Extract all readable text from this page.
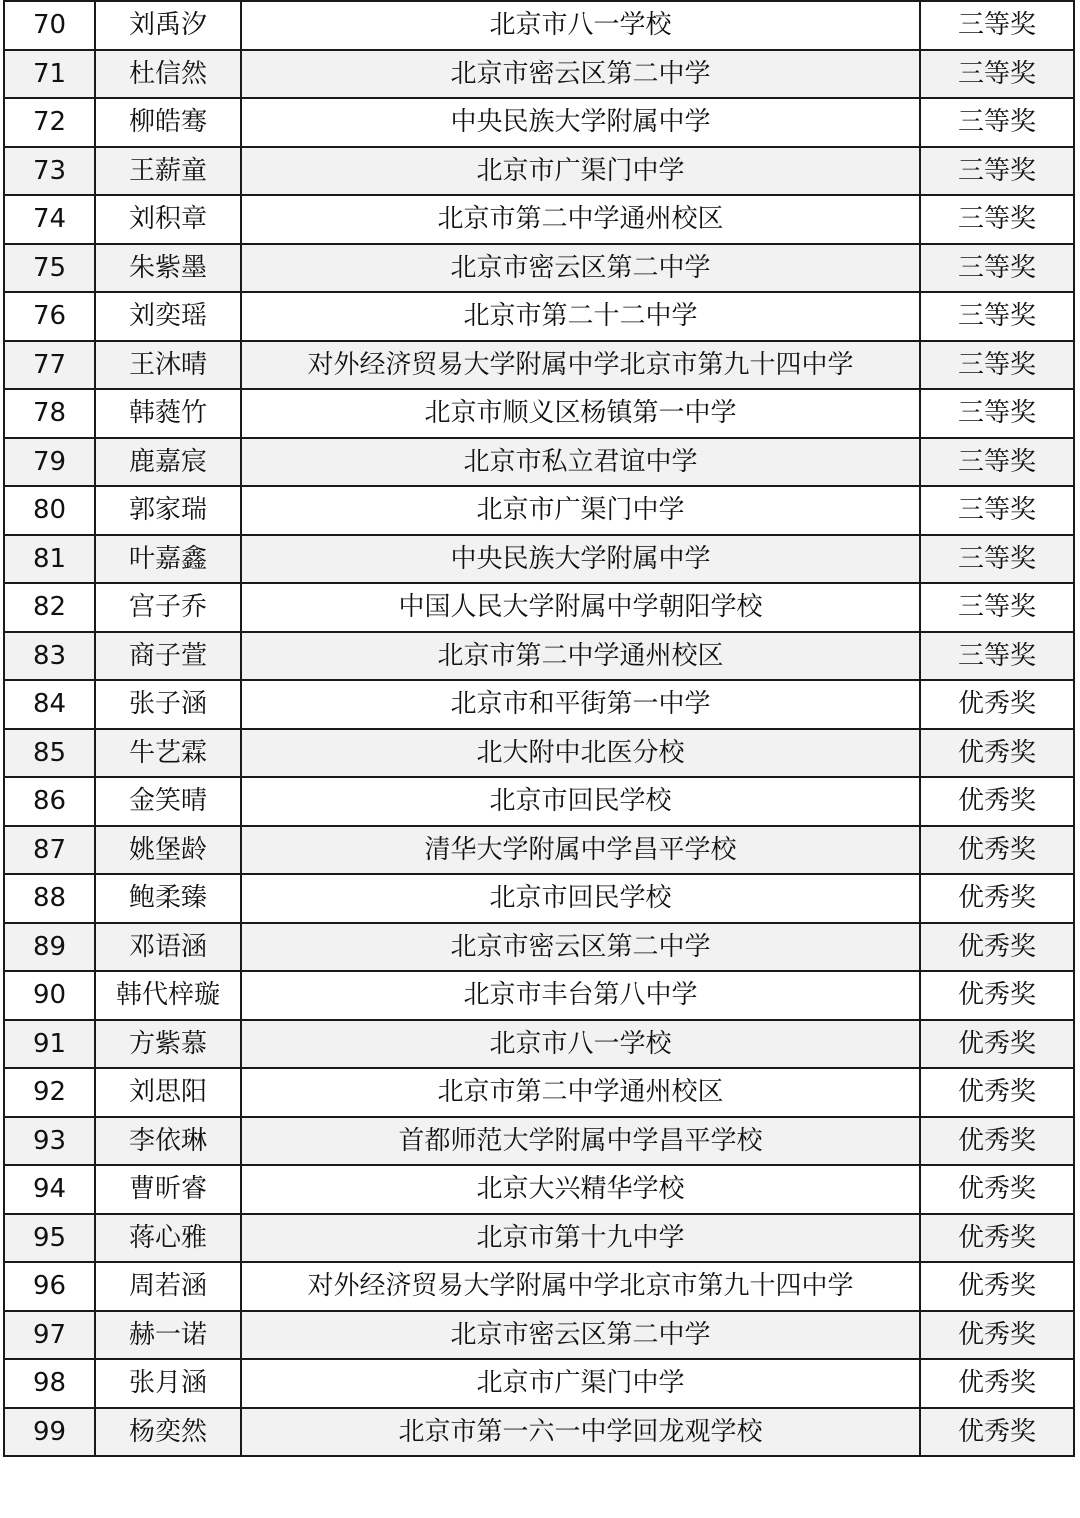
70	刘禹汐	北京市八一学校	三等奖
71	杜信然	北京市密云区第二中学	三等奖
72	柳皓骞	中央民族大学附属中学	三等奖
73	王薪童	北京市广渠门中学	三等奖
74	刘积章	北京市第二中学通州校区	三等奖
75	朱紫墨	北京市密云区第二中学	三等奖
76	刘奕瑶	北京市第二十二中学	三等奖
77	王沐晴	对外经济贸易大学附属中学北京市第九十四中学	三等奖
78	韩蕤竹	北京市顺义区杨镇第一中学	三等奖
79	鹿嘉宸	北京市私立君谊中学	三等奖
80	郭家瑞	北京市广渠门中学	三等奖
81	叶嘉鑫	中央民族大学附属中学	三等奖
82	宫子乔	中国人民大学附属中学朝阳学校	三等奖
83	商子萱	北京市第二中学通州校区	三等奖
84	张子涵	北京市和平街第一中学	优秀奖
85	牛艺霖	北大附中北医分校	优秀奖
86	金笑晴	北京市回民学校	优秀奖
87	姚堡龄	清华大学附属中学昌平学校	优秀奖
88	鲍柔臻	北京市回民学校	优秀奖
89	邓语涵	北京市密云区第二中学	优秀奖
90	韩代梓璇	北京市丰台第八中学	优秀奖
91	方紫慕	北京市八一学校	优秀奖
92	刘思阳	北京市第二中学通州校区	优秀奖
93	李依琳	首都师范大学附属中学昌平学校	优秀奖
94	曹昕睿	北京大兴精华学校	优秀奖
95	蒋心雅	北京市第十九中学	优秀奖
96	周若涵	对外经济贸易大学附属中学北京市第九十四中学	优秀奖
97	赫一诺	北京市密云区第二中学	优秀奖
98	张月涵	北京市广渠门中学	优秀奖
99	杨奕然	北京市第一六一中学回龙观学校	优秀奖
